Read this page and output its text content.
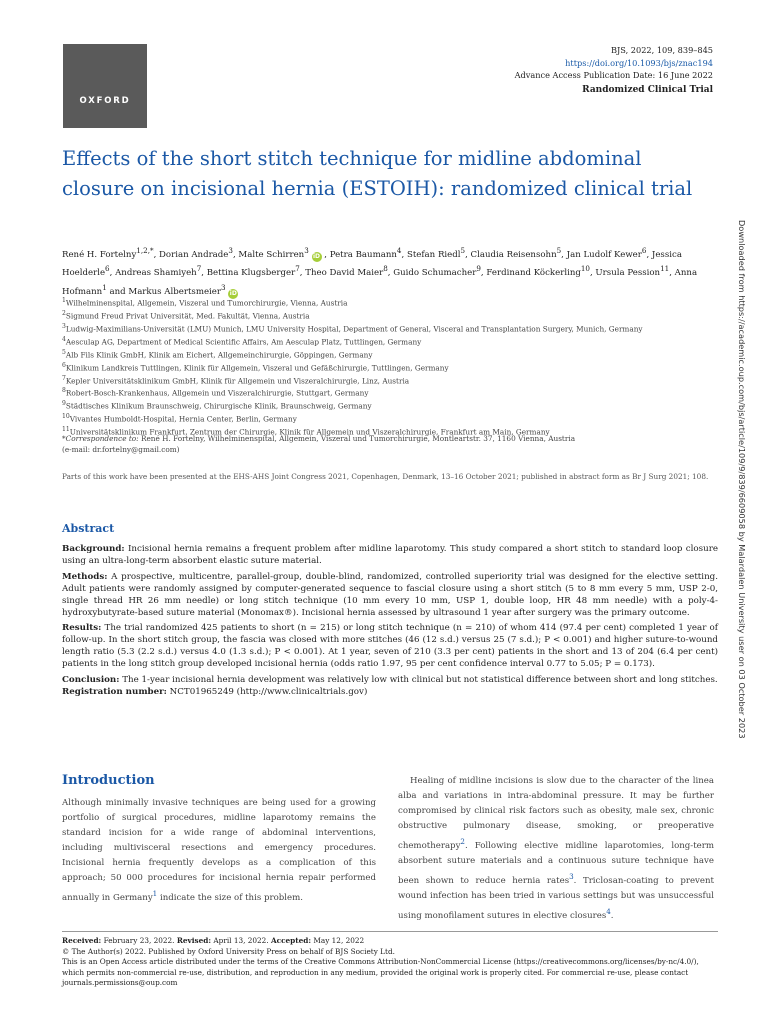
OXFORD
BJS, 2022, 109, 839–845
https://doi.org/10.1093/bjs/znac194
Advance Access Publication Date: 16 June 2022
Randomized Clinical Trial
Effects of the short stitch technique for midline abdominal closure on incisional hernia (ESTOIH): randomized clinical trial
René H. Fortelny$^{1,2,*}$, Dorian Andrade$^3$, Malte Schirren$^3$ iD , Petra Baumann$^4$, Stefan Riedl$^5$, Claudia Reisensohn$^5$, Jan Ludolf Kewer$^6$, Jessica Hoelderle$^6$, Andreas Shamiyeh$^7$, Bettina Klugsberger$^7$, Theo David Maier$^8$, Guido Schumacher$^9$, Ferdinand Köckerling$^{10}$, Ursula Pession$^{11}$, Anna Hofmann$^1$ and Markus Albertsmeier$^3$ iD
$^1$Wilhelminenspital, Allgemein, Viszeral und Tumorchirurgie, Vienna, Austria
$^2$Sigmund Freud Privat Universität, Med. Fakultät, Vienna, Austria
$^3$Ludwig-Maximilians-Universität (LMU) Munich, LMU University Hospital, Department of General, Visceral and Transplantation Surgery, Munich, Germany
$^4$Aesculap AG, Department of Medical Scientific Affairs, Am Aesculap Platz, Tuttlingen, Germany
$^5$Alb Fils Klinik GmbH, Klinik am Eichert, Allgemeinchirurgie, Göppingen, Germany
$^6$Klinikum Landkreis Tuttlingen, Klinik für Allgemein, Viszeral und Gefäßchirurgie, Tuttlingen, Germany
$^7$Kepler Universitätsklinikum GmbH, Klinik für Allgemein und Viszeralchirurgie, Linz, Austria
$^8$Robert-Bosch-Krankenhaus, Allgemein und Viszeralchirurgie, Stuttgart, Germany
$^9$Städtisches Klinikum Braunschweig, Chirurgische Klinik, Braunschweig, Germany
$^{10}$Vivantes Humboldt-Hospital, Hernia Center, Berlin, Germany
$^{11}$Universitätsklinikum Frankfurt, Zentrum der Chirurgie, Klinik für Allgemein und Viszeralchirurgie, Frankfurt am Main, Germany
*Correspondence to: René H. Fortelny, Wilhelminenspital, Allgemein, Viszeral und Tumorchirurgie, Montleartstr. 37, 1160 Vienna, Austria
(e-mail: dr.fortelny@gmail.com)
Parts of this work have been presented at the EHS-AHS Joint Congress 2021, Copenhagen, Denmark, 13–16 October 2021; published in abstract form as Br J Surg 2021; 108.
Abstract

Background: Incisional hernia remains a frequent problem after midline laparotomy. This study compared a short stitch to standard loop closure using an ultra-long-term absorbent elastic suture material.

Methods: A prospective, multicentre, parallel-group, double-blind, randomized, controlled superiority trial was designed for the elective setting. Adult patients were randomly assigned by computer-generated sequence to fascial closure using a short stitch (5 to 8 mm every 5 mm, USP 2-0, single thread HR 26 mm needle) or long stitch technique (10 mm every 10 mm, USP 1, double loop, HR 48 mm needle) with a poly-4-hydroxybutyrate-based suture material (Monomax®). Incisional hernia assessed by ultrasound 1 year after surgery was the primary outcome.

Results: The trial randomized 425 patients to short (n = 215) or long stitch technique (n = 210) of whom 414 (97.4 per cent) completed 1 year of follow-up. In the short stitch group, the fascia was closed with more stitches (46 (12 s.d.) versus 25 (7 s.d.); P < 0.001) and higher suture-to-wound length ratio (5.3 (2.2 s.d.) versus 4.0 (1.3 s.d.); P < 0.001). At 1 year, seven of 210 (3.3 per cent) patients in the short and 13 of 204 (6.4 per cent) patients in the long stitch group developed incisional hernia (odds ratio 1.97, 95 per cent confidence interval 0.77 to 5.05; P = 0.173).

Conclusion: The 1-year incisional hernia development was relatively low with clinical but not statistical difference between short and long stitches.

Registration number: NCT01965249 (http://www.clinicaltrials.gov)

Introduction
Although minimally invasive techniques are being used for a growing portfolio of surgical procedures, midline laparotomy remains the standard incision for a wide range of abdominal interventions, including multivisceral resections and emergency procedures. Incisional hernia frequently develops as a complication of this approach; 50 000 procedures for incisional hernia repair performed annually in Germany$^1$ indicate the size of this problem.
Healing of midline incisions is slow due to the character of the linea alba and variations in intra-abdominal pressure. It may be further compromised by clinical risk factors such as obesity, male sex, chronic obstructive pulmonary disease, smoking, or preoperative chemotherapy$^2$. Following elective midline laparotomies, long-term absorbent suture materials and a continuous suture technique have been shown to reduce hernia rates$^3$. Triclosan-coating to prevent wound infection has been tried in various settings but was unsuccessful using monofilament sutures in elective closures$^4$.
Received: February 23, 2022. Revised: April 13, 2022. Accepted: May 12, 2022
© The Author(s) 2022. Published by Oxford University Press on behalf of BJS Society Ltd.
This is an Open Access article distributed under the terms of the Creative Commons Attribution-NonCommercial License (https://creativecommons.org/licenses/by-nc/4.0/), which permits non-commercial re-use, distribution, and reproduction in any medium, provided the original work is properly cited. For commercial re-use, please contact journals.permissions@oup.com
Downloaded from https://academic.oup.com/bjs/article/109/9/839/6609058 by Malardalen University user on 03 October 2023
